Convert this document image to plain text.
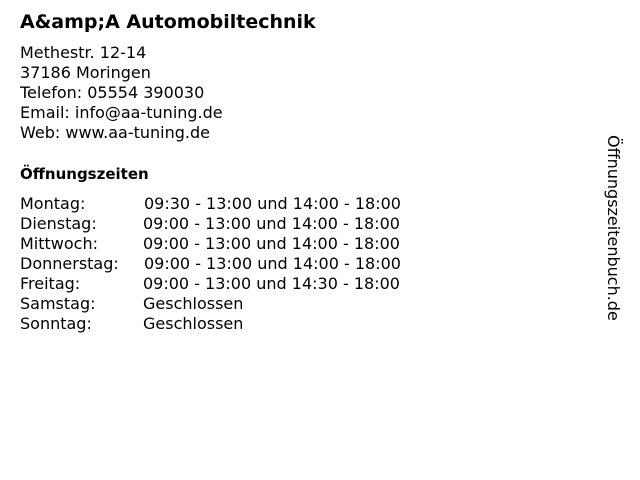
A&amp;A Automobiltechnik
Methestr. 12-14
37186 Moringen
Telefon: 05554 390030
Email: info@aa-tuning.de
Web: www.aa-tuning.de
Öffnungszeiten
Montag:	09:30 - 13:00 und 14:00 - 18:00
Dienstag:	09:00 - 13:00 und 14:00 - 18:00
Mittwoch:	09:00 - 13:00 und 14:00 - 18:00
Donnerstag:	09:00 - 13:00 und 14:00 - 18:00
Freitag:	09:00 - 13:00 und 14:30 - 18:00
Samstag:	Geschlossen
Sonntag:	Geschlossen
Öffnungszeitenbuch.de
